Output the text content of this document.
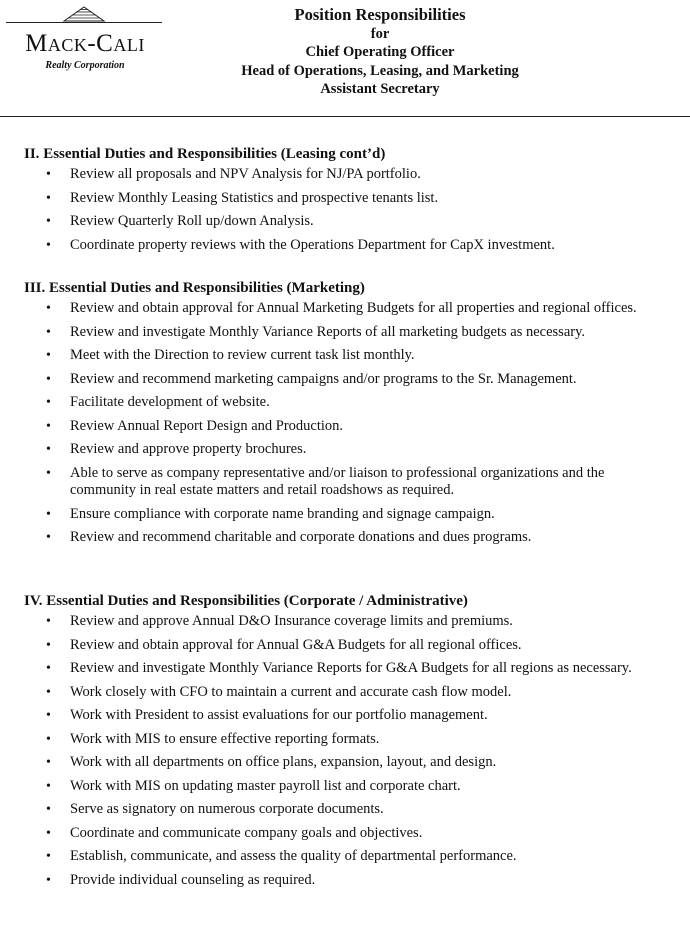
Mack-Cali
Realty Corporation
Position Responsibilities
for
Chief Operating Officer
Head of Operations, Leasing, and Marketing
Assistant Secretary
II. Essential Duties and Responsibilities (Leasing cont’d)
• Review all proposals and NPV Analysis for NJ/PA portfolio.
• Review Monthly Leasing Statistics and prospective tenants list.
• Review Quarterly Roll up/down Analysis.
• Coordinate property reviews with the Operations Department for CapX investment.
III. Essential Duties and Responsibilities (Marketing)
• Review and obtain approval for Annual Marketing Budgets for all properties and regional offices.
• Review and investigate Monthly Variance Reports of all marketing budgets as necessary.
• Meet with the Direction to review current task list monthly.
• Review and recommend marketing campaigns and/or programs to the Sr. Management.
• Facilitate development of website.
• Review Annual Report Design and Production.
• Review and approve property brochures.
• Able to serve as company representative and/or liaison to professional organizations and the community in real estate matters and retail roadshows as required.
• Ensure compliance with corporate name branding and signage campaign.
• Review and recommend charitable and corporate donations and dues programs.
IV. Essential Duties and Responsibilities (Corporate / Administrative)
• Review and approve Annual D&O Insurance coverage limits and premiums.
• Review and obtain approval for Annual G&A Budgets for all regional offices.
• Review and investigate Monthly Variance Reports for G&A Budgets for all regions as necessary.
• Work closely with CFO to maintain a current and accurate cash flow model.
• Work with President to assist evaluations for our portfolio management.
• Work with MIS to ensure effective reporting formats.
• Work with all departments on office plans, expansion, layout, and design.
• Work with MIS on updating master payroll list and corporate chart.
• Serve as signatory on numerous corporate documents.
• Coordinate and communicate company goals and objectives.
• Establish, communicate, and assess the quality of departmental performance.
• Provide individual counseling as required.
